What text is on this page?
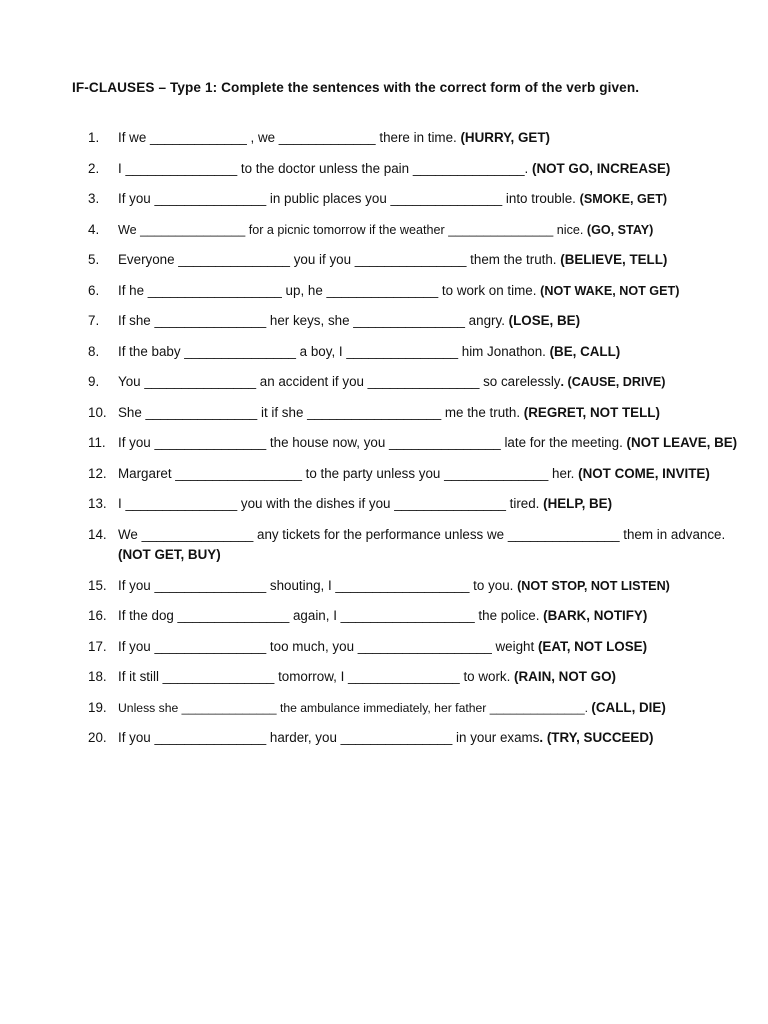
IF-CLAUSES – Type 1: Complete the sentences with the correct form of the verb given.
1.	If we _____________ , we _____________ there in time. (HURRY, GET)
2.	I _______________ to the doctor unless the pain _______________. (NOT GO, INCREASE)
3.	If you _______________ in public places you _______________ into trouble. (SMOKE, GET)
4.	We _______________ for a picnic tomorrow if the weather _______________ nice. (GO, STAY)
5.	Everyone _______________ you if you _______________ them the truth. (BELIEVE, TELL)
6.	If he __________________ up, he _______________ to work on time. (NOT WAKE, NOT GET)
7.	If she _______________ her keys, she _______________ angry. (LOSE, BE)
8.	If the baby _______________ a boy, I _______________ him Jonathon. (BE, CALL)
9.	You _______________ an accident if you _______________ so carelessly. (CAUSE, DRIVE)
10. She _______________ it if she __________________ me the truth. (REGRET, NOT TELL)
11. If you _______________ the house now, you _______________ late for the meeting. (NOT LEAVE, BE)
12. Margaret _________________ to the party unless you ______________ her. (NOT COME, INVITE)
13. I _______________ you with the dishes if you _______________ tired. (HELP, BE)
14. We _______________ any tickets for the performance unless we _______________ them in advance. (NOT GET, BUY)
15. If you _______________ shouting, I __________________ to you. (NOT STOP, NOT LISTEN)
16. If the dog _______________ again, I __________________ the police. (BARK, NOTIFY)
17. If you _______________ too much, you __________________ weight (EAT, NOT LOSE)
18. If it still _______________ tomorrow, I _______________ to work. (RAIN, NOT GO)
19. Unless she ______________ the ambulance immediately, her father ______________. (CALL, DIE)
20. If you _______________ harder, you _______________ in your exams. (TRY, SUCCEED)
